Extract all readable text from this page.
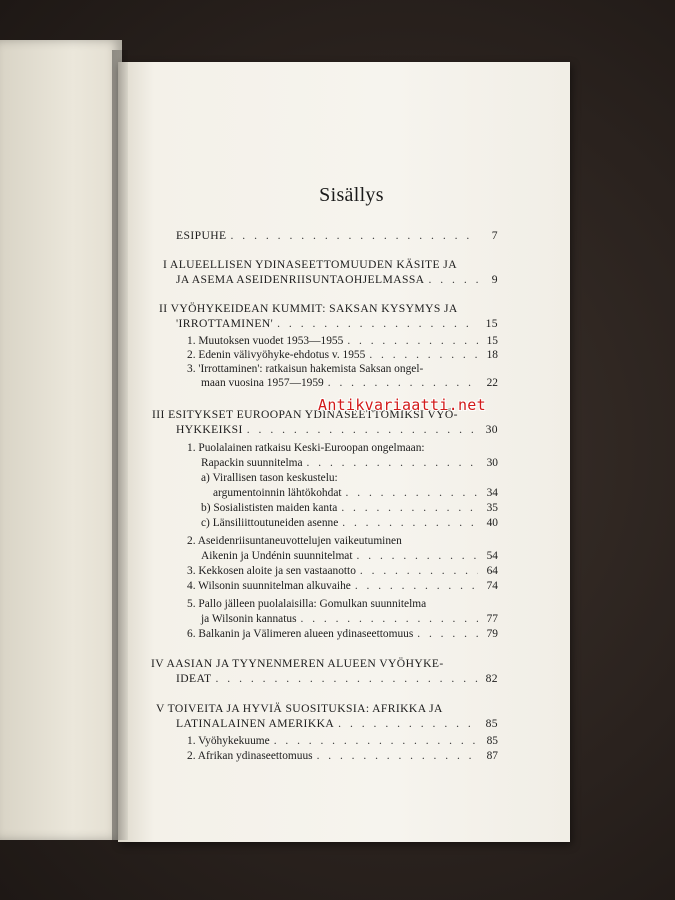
Sisällys
ESIPUHE . . .	7
I ALUEELLISEN YDINASEETTOMUUDEN KÄSITE JA
JA ASEMA ASEIDENRIISUNTAOHJELMASSA . . .	9
II VYÖHYKEIDEAN KUMMIT: SAKSAN KYSYMYS JA
'IRROTTAMINEN' . . .	15
1. Muutoksen vuodet 1953—1955 . . .	15
2. Edenin välivyöhyke-ehdotus v. 1955 . . .	18
3. 'Irrottaminen': ratkaisun hakemista Saksan ongel-
maan vuosina 1957—1959 . . .	22
III ESITYKSET EUROOPAN YDINASEETTOMIKSI VYÖ-
HYKKEIKSI . . .	30
1. Puolalainen ratkaisu Keski-Euroopan ongelmaan:
Rapackin suunnitelma . . .	30
a) Virallisen tason keskustelu:
argumentoinnin lähtökohdat . . .	34
b) Sosialististen maiden kanta . . .	35
c) Länsiliittoutuneiden asenne . . .	40
2. Aseidenriisuntaneuvottelujen vaikeutuminen
Aikenin ja Undénin suunnitelmat . . .	54
3. Kekkosen aloite ja sen vastaanotto . . .	64
4. Wilsonin suunnitelman alkuvaihe . . .	74
5. Pallo jälleen puolalaisilla: Gomulkan suunnitelma
ja Wilsonin kannatus . . .	77
6. Balkanin ja Välimeren alueen ydinaseettomuus . . .	79
IV AASIAN JA TYYNENMEREN ALUEEN VYÖHYKE-
IDEAT . . .	82
V TOIVEITA JA HYVIÄ SUOSITUKSIA: AFRIKKA JA
LATINALAINEN AMERIKKA . . .	85
1. Vyöhykekuume . . .	85
2. Afrikan ydinaseettomuus . . .	87
Antikvariaatti.net
